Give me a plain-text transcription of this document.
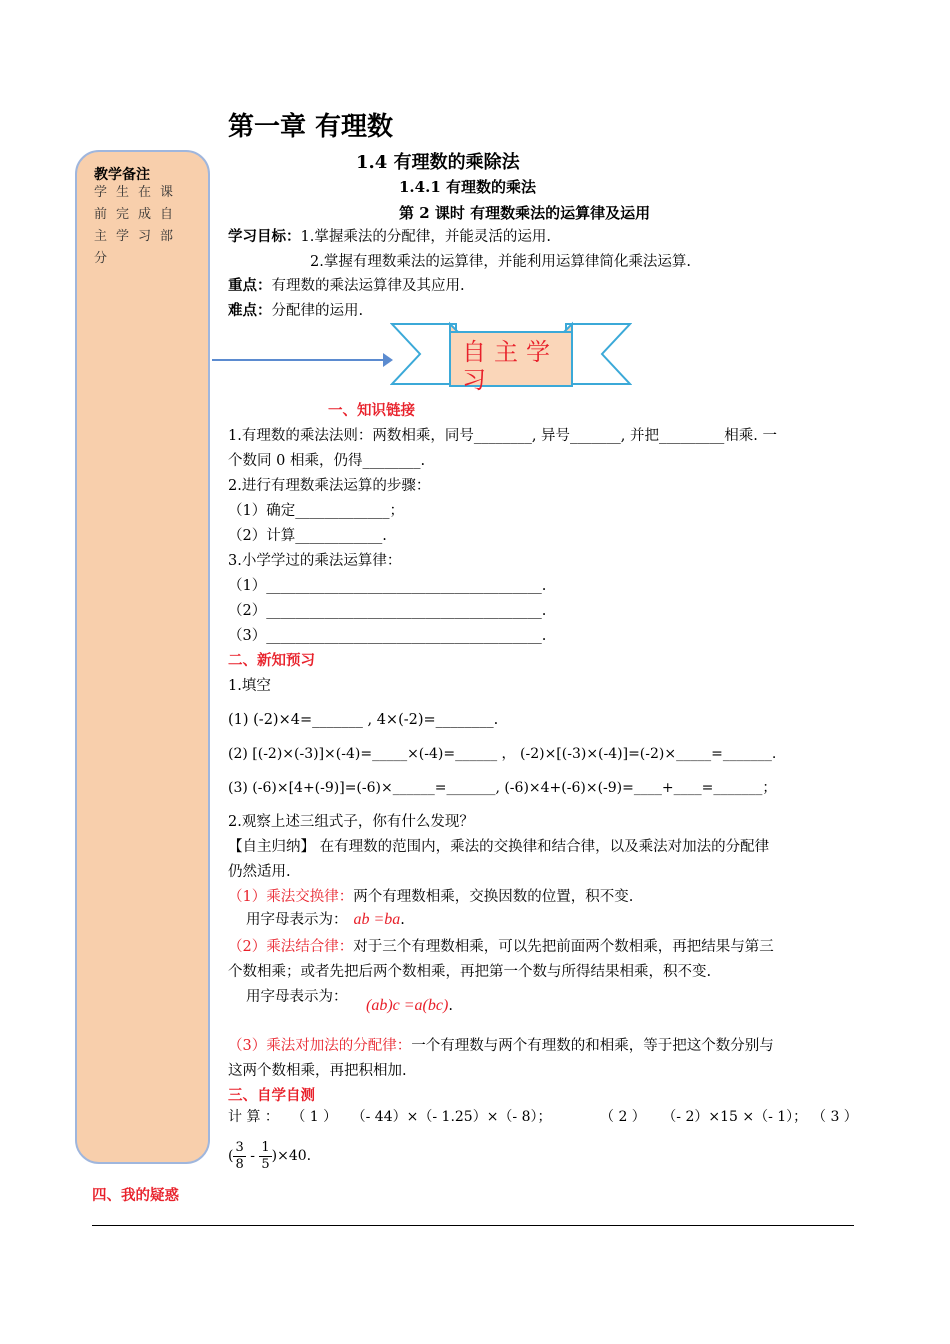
第一章 有理数
1.4 有理数的乘除法
1.4.1 有理数的乘法
第 2 课时 有理数乘法的运算律及运用
教学备注
学生在课前完成自主学习部分
学习目标：1.掌握乘法的分配律，并能灵活的运用.
2.掌握有理数乘法的运算律，并能利用运算律简化乘法运算.
重点：有理数的乘法运算律及其应用.
难点：分配律的运用.
自主学习
一、知识链接
1.有理数的乘法法则：两数相乘，同号________, 异号_______, 并把_________相乘. 一
个数同 0 相乘，仍得________.
2.进行有理数乘法运算的步骤：
（1）确定_____________；
（2）计算____________.
3.小学学过的乘法运算律：
（1）______________________________________.
（2）______________________________________.
（3）______________________________________.
二、新知预习
1.填空
(1) (-2)×4=_______ , 4×(-2)=________.
(2) [(-2)×(-3)]×(-4)=_____×(-4)=______ ， (-2)×[(-3)×(-4)]=(-2)×_____=_______.
(3) (-6)×[4+(-9)]=(-6)×______=_______, (-6)×4+(-6)×(-9)=____+____=_______；
2.观察上述三组式子，你有什么发现？
【自主归纳】 在有理数的范围内，乘法的交换律和结合律，以及乘法对加法的分配律
仍然适用.
（1）乘法交换律：两个有理数相乘，交换因数的位置，积不变.
用字母表示为： ab =ba.
（2）乘法结合律：对于三个有理数相乘，可以先把前面两个数相乘，再把结果与第三
个数相乘；或者先把后两个数相乘，再把第一个数与所得结果相乘，积不变.
用字母表示为： (ab)c =a(bc).
（3）乘法对加法的分配律：一个有理数与两个有理数的和相乘，等于把这个数分别与
这两个数相乘，再把积相加.
三、自学自测
计 算 ： （ 1 ） （- 44）×（- 1.25）×（- 8）；	（ 2 ） （- 2）×15 ×（- 1）； （ 3 ）
( $\frac{3}{8} - \frac{1}{5} )\times 40$.
四、我的疑惑
